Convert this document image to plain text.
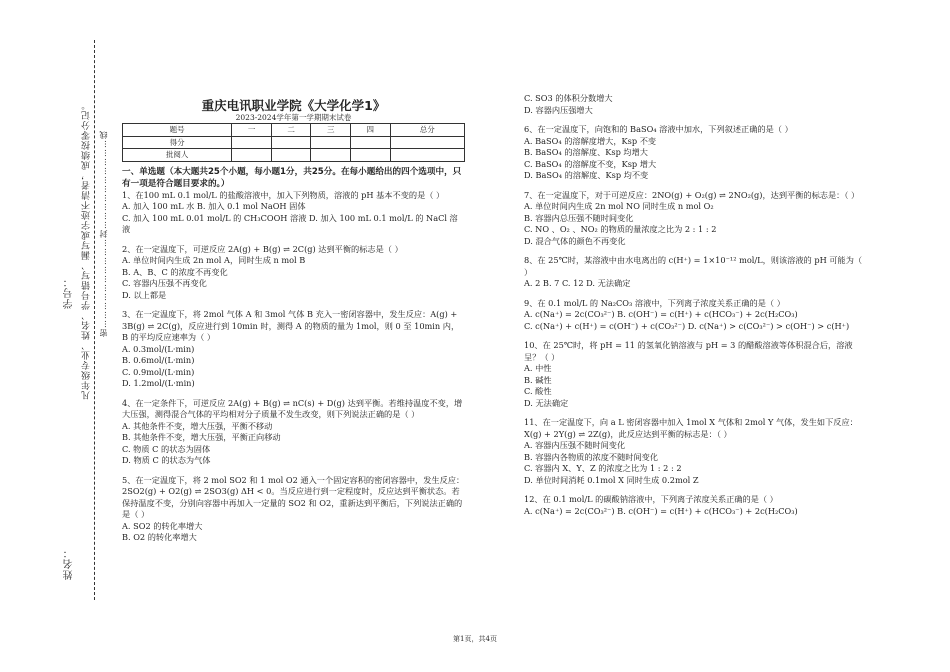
姓名：  学号： 凡年级专业、姓名、学号错写、漏写或字迹不清者，成绩按零分记。 密…………………………封…………………………线

重庆电讯职业学院《大学化学1》

2023-2024学年第一学期期末试卷

题号	一	二	三	四	总分
得分					
批阅人					

一、单选题（本大题共25个小题，每小题1分，共25分。在每小题给出的四个选项中，只有一项是符合题目要求的。）

1、在100 mL 0.1 mol/L 的盐酸溶液中，加入下列物质，溶液的 pH 基本不变的是（ ）

A. 加入 100 mL 水 B. 加入 0.1 mol NaOH 固体

C. 加入 100 mL 0.01 mol/L 的 CH₃COOH 溶液 D. 加入 100 mL 0.1 mol/L 的 NaCl 溶液

2、在一定温度下，可逆反应 2A(g) + B(g) ⇌ 2C(g) 达到平衡的标志是（ ）

A. 单位时间内生成 2n mol A，同时生成 n mol B

B. A、B、C 的浓度不再变化

C. 容器内压强不再变化

D. 以上都是

3、在一定温度下，将 2mol 气体 A 和 3mol 气体 B 充入一密闭容器中，发生反应：A(g) + 3B(g) ⇌ 2C(g)，反应进行到 10min 时，测得 A 的物质的量为 1mol，则 0 至 10min 内，B 的平均反应速率为（ ）

A. 0.3mol/(L·min)

B. 0.6mol/(L·min)

C. 0.9mol/(L·min)

D. 1.2mol/(L·min)

4、在一定条件下，可逆反应 2A(g) + B(g) ⇌ nC(s) + D(g) 达到平衡。若维持温度不变，增大压强，测得混合气体的平均相对分子质量不发生改变，则下列说法正确的是（ ）

A. 其他条件不变，增大压强，平衡不移动

B. 其他条件不变，增大压强，平衡正向移动

C. 物质 C 的状态为固体

D. 物质 C 的状态为气体

5、在一定温度下，将 2 mol SO2 和 1 mol O2 通入一个固定容积的密闭容器中，发生反应：2SO2(g) + O2(g) ⇌ 2SO3(g) ΔH < 0。当反应进行到一定程度时，反应达到平衡状态。若保持温度不变，分别向容器中再加入一定量的 SO2 和 O2，重新达到平衡后，下列说法正确的是（ ）

A. SO2 的转化率增大

B. O2 的转化率增大

C. SO3 的体积分数增大

D. 容器内压强增大

6、在一定温度下，向饱和的 BaSO₄ 溶液中加水，下列叙述正确的是（ ）

A. BaSO₄ 的溶解度增大，Ksp 不变

B. BaSO₄ 的溶解度、Ksp 均增大

C. BaSO₄ 的溶解度不变，Ksp 增大

D. BaSO₄ 的溶解度、Ksp 均不变

7、在一定温度下，对于可逆反应：2NO(g) + O₂(g) ⇌ 2NO₂(g)，达到平衡的标志是：（ ）

A. 单位时间内生成 2n mol NO 同时生成 n mol O₂

B. 容器内总压强不随时间变化

C. NO 、O₂ 、NO₂ 的物质的量浓度之比为 2 : 1 : 2

D. 混合气体的颜色不再变化

8、在 25℃时，某溶液中由水电离出的 c(H⁺) = 1×10⁻¹² mol/L，则该溶液的 pH 可能为（ ）

A. 2 B. 7 C. 12 D. 无法确定

9、在 0.1 mol/L 的 Na₂CO₃ 溶液中，下列离子浓度关系正确的是（ ）

A. c(Na⁺) = 2c(CO₃²⁻) B. c(OH⁻) = c(H⁺) + c(HCO₃⁻) + 2c(H₂CO₃)

C. c(Na⁺) + c(H⁺) = c(OH⁻) + c(CO₃²⁻) D. c(Na⁺) > c(CO₃²⁻) > c(OH⁻) > c(H⁺)

10、在 25℃时，将 pH = 11 的氢氧化钠溶液与 pH = 3 的醋酸溶液等体积混合后，溶液呈？（ ）

A. 中性

B. 碱性

C. 酸性

D. 无法确定

11、在一定温度下，向 a L 密闭容器中加入 1mol X 气体和 2mol Y 气体，发生如下反应：X(g) + 2Y(g) ⇌ 2Z(g)，此反应达到平衡的标志是：（ ）

A. 容器内压强不随时间变化

B. 容器内各物质的浓度不随时间变化

C. 容器内 X、Y、Z 的浓度之比为 1 : 2 : 2

D. 单位时间消耗 0.1mol X 同时生成 0.2mol Z

12、在 0.1 mol/L 的碳酸钠溶液中，下列离子浓度关系正确的是（ ）

A. c(Na⁺) = 2c(CO₃²⁻) B. c(OH⁻) = c(H⁺) + c(HCO₃⁻) + 2c(H₂CO₃)

第1页，共4页
